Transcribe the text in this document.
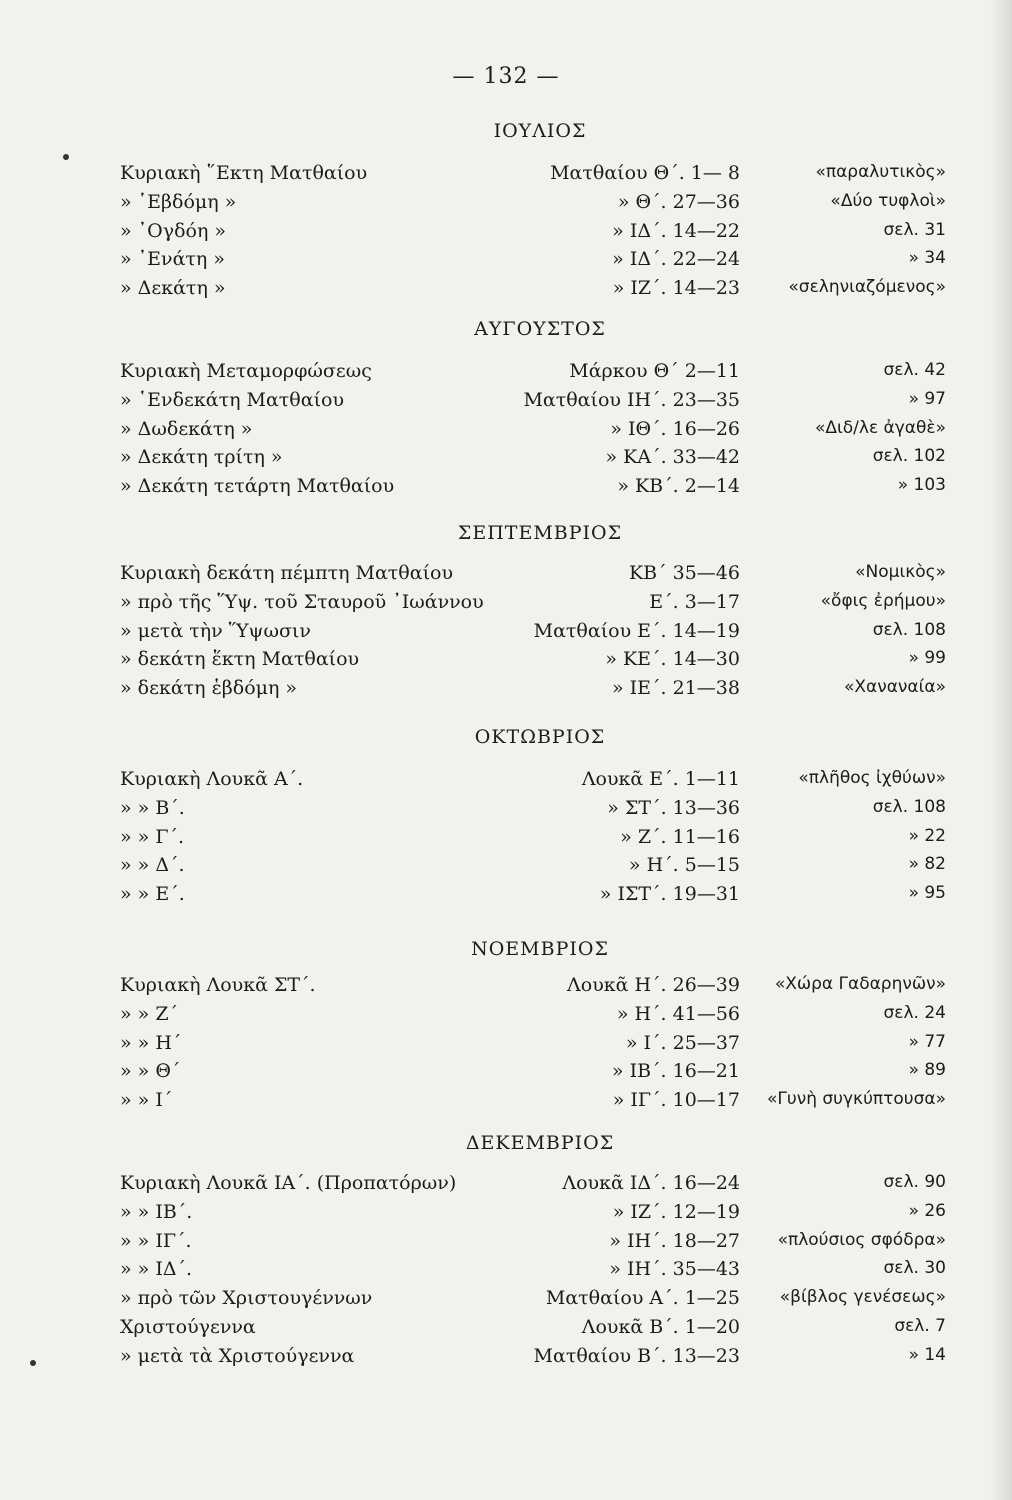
— 132 —
ΙΟΥΛΙΟΣ
Κυριακὴ ῞Εκτη Ματθαίου	Ματθαίου Θ΄. 1— 8	«παραλυτικὸς»
» ῾Εβδόμη »	» Θ΄. 27—36	«Δύο τυφλοὶ»
» ᾿Ογδόη »	» ΙΔ΄. 14—22	σελ. 31
» ᾿Ενάτη »	» ΙΔ΄. 22—24	» 34
» Δεκάτη »	» ΙΖ΄. 14—23	«σεληνιαζόμενος»
ΑΥΓΟΥΣΤΟΣ
Κυριακὴ Μεταμορφώσεως	Μάρκου Θ΄ 2—11	σελ. 42
» ῾Ενδεκάτη Ματθαίου	Ματθαίου ΙΗ΄. 23—35	» 97
» Δωδεκάτη »	» ΙΘ΄. 16—26	«Διδ/λε ἀγαθὲ»
» Δεκάτη τρίτη »	» ΚΑ΄. 33—42	σελ. 102
» Δεκάτη τετάρτη Ματθαίου	» ΚΒ΄. 2—14	» 103
ΣΕΠΤΕΜΒΡΙΟΣ
Κυριακὴ δεκάτη πέμπτη Ματθαίου	ΚΒ΄ 35—46	«Νομικὸς»
» πρὸ τῆς Ὕψ. τοῦ Σταυροῦ ᾿Ιωάννου	Ε΄. 3—17	«ὄφις ἐρήμου»
» μετὰ τὴν Ὕψωσιν	Ματθαίου Ε΄. 14—19	σελ. 108
» δεκάτη ἕκτη Ματθαίου	» ΚΕ΄. 14—30	» 99
» δεκάτη ἑβδόμη »	» ΙΕ΄. 21—38	«Χαναναία»
ΟΚΤΩΒΡΙΟΣ
Κυριακὴ Λουκᾶ Α΄.	Λουκᾶ Ε΄. 1—11	«πλῆθος ἰχθύων»
» » Β΄.	» ΣΤ΄. 13—36	σελ. 108
» » Γ΄.	» Ζ΄. 11—16	» 22
» » Δ΄.	» Η΄. 5—15	» 82
» » Ε΄.	» ΙΣΤ΄. 19—31	» 95
ΝΟΕΜΒΡΙΟΣ
Κυριακὴ Λουκᾶ ΣΤ΄.	Λουκᾶ Η΄. 26—39	«Χώρα Γαδαρηνῶν»
» » Ζ΄	» Η΄. 41—56	σελ. 24
» » Η΄	» Ι΄. 25—37	» 77
» » Θ΄	» ΙΒ΄. 16—21	» 89
» » Ι΄	» ΙΓ΄. 10—17	«Γυνὴ συγκύπτουσα»
ΔΕΚΕΜΒΡΙΟΣ
Κυριακὴ Λουκᾶ ΙΑ΄. (Προπατόρων)	Λουκᾶ ΙΔ΄. 16—24	σελ. 90
» » ΙΒ΄.	» ΙΖ΄. 12—19	» 26
» » ΙΓ΄.	» ΙΗ΄. 18—27	«πλούσιος σφόδρα»
» » ΙΔ΄.	» ΙΗ΄. 35—43	σελ. 30
» πρὸ τῶν Χριστουγέννων	Ματθαίου Α΄. 1—25	«βίβλος γενέσεως»
Χριστούγεννα	Λουκᾶ Β΄. 1—20	σελ. 7
» μετὰ τὰ Χριστούγεννα	Ματθαίου Β΄. 13—23	» 14
